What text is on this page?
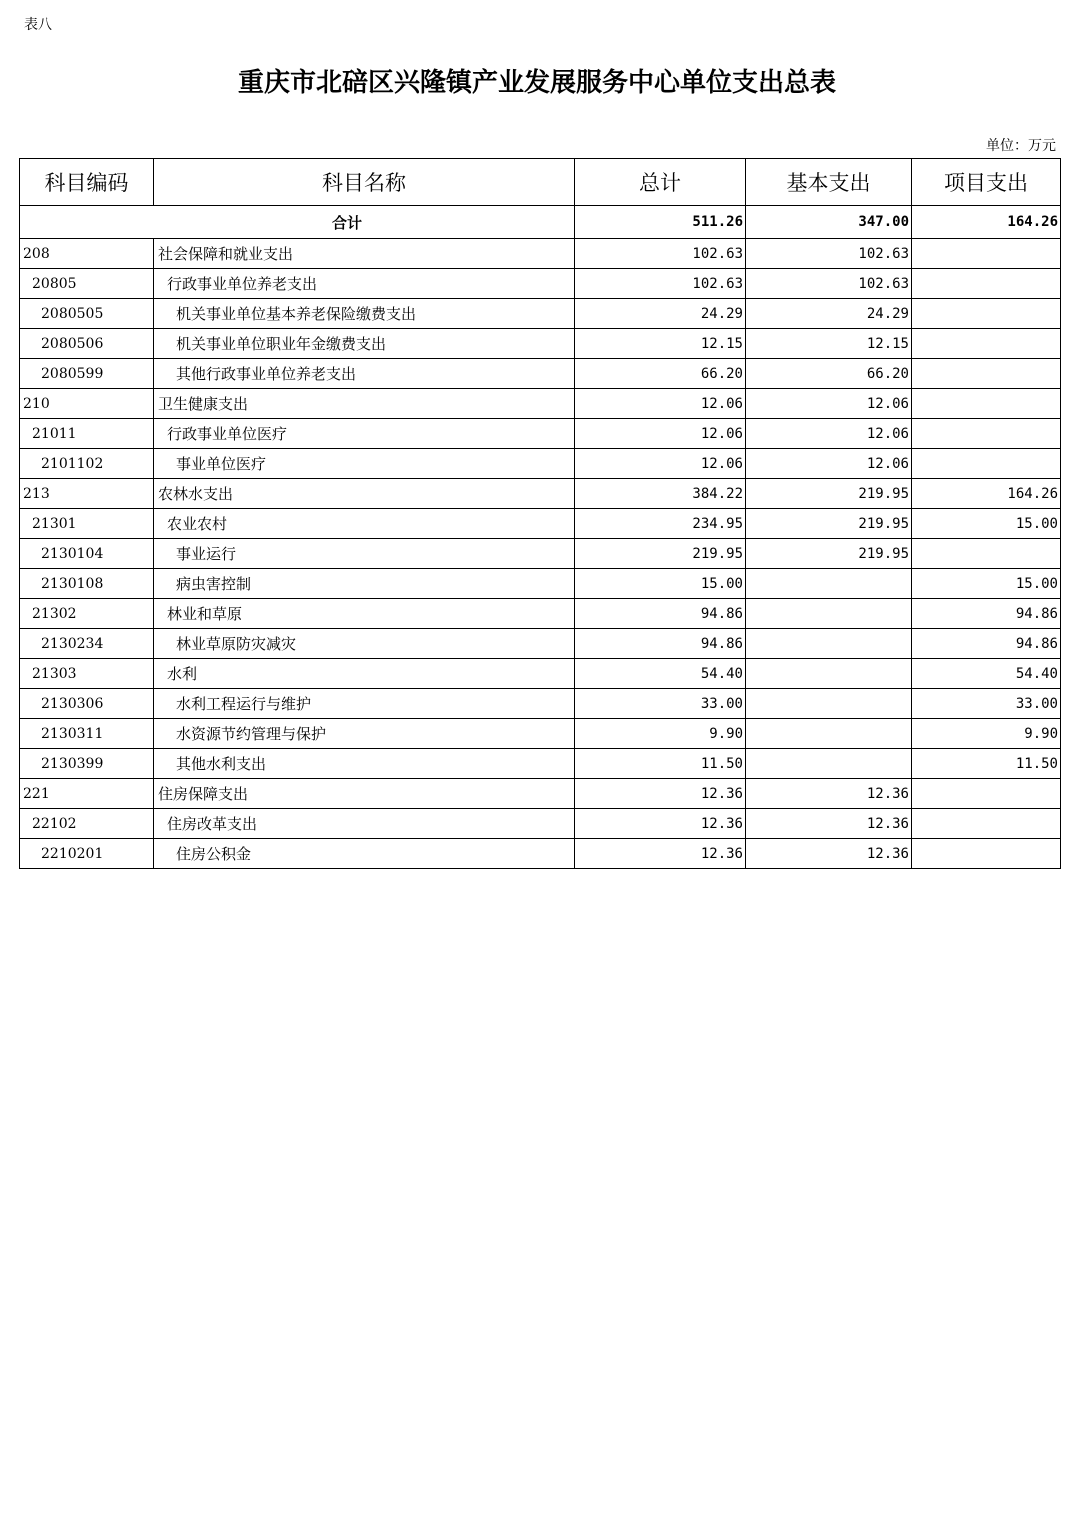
表八
重庆市北碚区兴隆镇产业发展服务中心单位支出总表
单位：万元
科目编码	科目名称	总计	基本支出	项目支出
合计		511.26	347.00	164.26
208	社会保障和就业支出	102.63	102.63	
20805	行政事业单位养老支出	102.63	102.63	
2080505	机关事业单位基本养老保险缴费支出	24.29	24.29	
2080506	机关事业单位职业年金缴费支出	12.15	12.15	
2080599	其他行政事业单位养老支出	66.20	66.20	
210	卫生健康支出	12.06	12.06	
21011	行政事业单位医疗	12.06	12.06	
2101102	事业单位医疗	12.06	12.06	
213	农林水支出	384.22	219.95	164.26
21301	农业农村	234.95	219.95	15.00
2130104	事业运行	219.95	219.95	
2130108	病虫害控制	15.00		15.00
21302	林业和草原	94.86		94.86
2130234	林业草原防灾减灾	94.86		94.86
21303	水利	54.40		54.40
2130306	水利工程运行与维护	33.00		33.00
2130311	水资源节约管理与保护	9.90		9.90
2130399	其他水利支出	11.50		11.50
221	住房保障支出	12.36	12.36	
22102	住房改革支出	12.36	12.36	
2210201	住房公积金	12.36	12.36	
